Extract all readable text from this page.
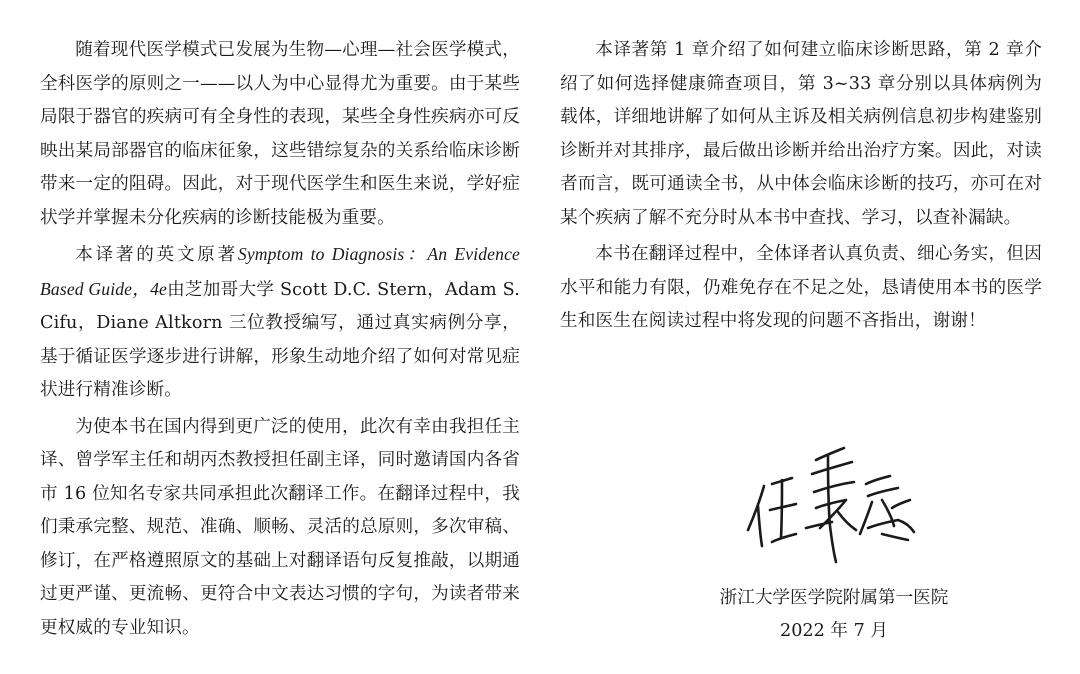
随着现代医学模式已发展为生物—心理—社会医学模式，全科医学的原则之一——以人为中心显得尤为重要。由于某些局限于器官的疾病可有全身性的表现，某些全身性疾病亦可反映出某局部器官的临床征象，这些错综复杂的关系给临床诊断带来一定的阻碍。因此，对于现代医学生和医生来说，学好症状学并掌握未分化疾病的诊断技能极为重要。

本译著的英文原著Symptom to Diagnosis：An Evidence Based Guide，4e由芝加哥大学 Scott D.C. Stern，Adam S. Cifu，Diane Altkorn 三位教授编写，通过真实病例分享，基于循证医学逐步进行讲解，形象生动地介绍了如何对常见症状进行精准诊断。

为使本书在国内得到更广泛的使用，此次有幸由我担任主译、曾学军主任和胡丙杰教授担任副主译，同时邀请国内各省市 16 位知名专家共同承担此次翻译工作。在翻译过程中，我们秉承完整、规范、准确、顺畅、灵活的总原则，多次审稿、修订，在严格遵照原文的基础上对翻译语句反复推敲，以期通过更严谨、更流畅、更符合中文表达习惯的字句，为读者带来更权威的专业知识。

本译著第 1 章介绍了如何建立临床诊断思路，第 2 章介绍了如何选择健康筛查项目，第 3~33 章分别以具体病例为载体，详细地讲解了如何从主诉及相关病例信息初步构建鉴别诊断并对其排序，最后做出诊断并给出治疗方案。因此，对读者而言，既可通读全书，从中体会临床诊断的技巧，亦可在对某个疾病了解不充分时从本书中查找、学习，以查补漏缺。

本书在翻译过程中，全体译者认真负责、细心务实，但因水平和能力有限，仍难免存在不足之处，恳请使用本书的医学生和医生在阅读过程中将发现的问题不吝指出，谢谢！

浙江大学医学院附属第一医院

2022 年 7 月
